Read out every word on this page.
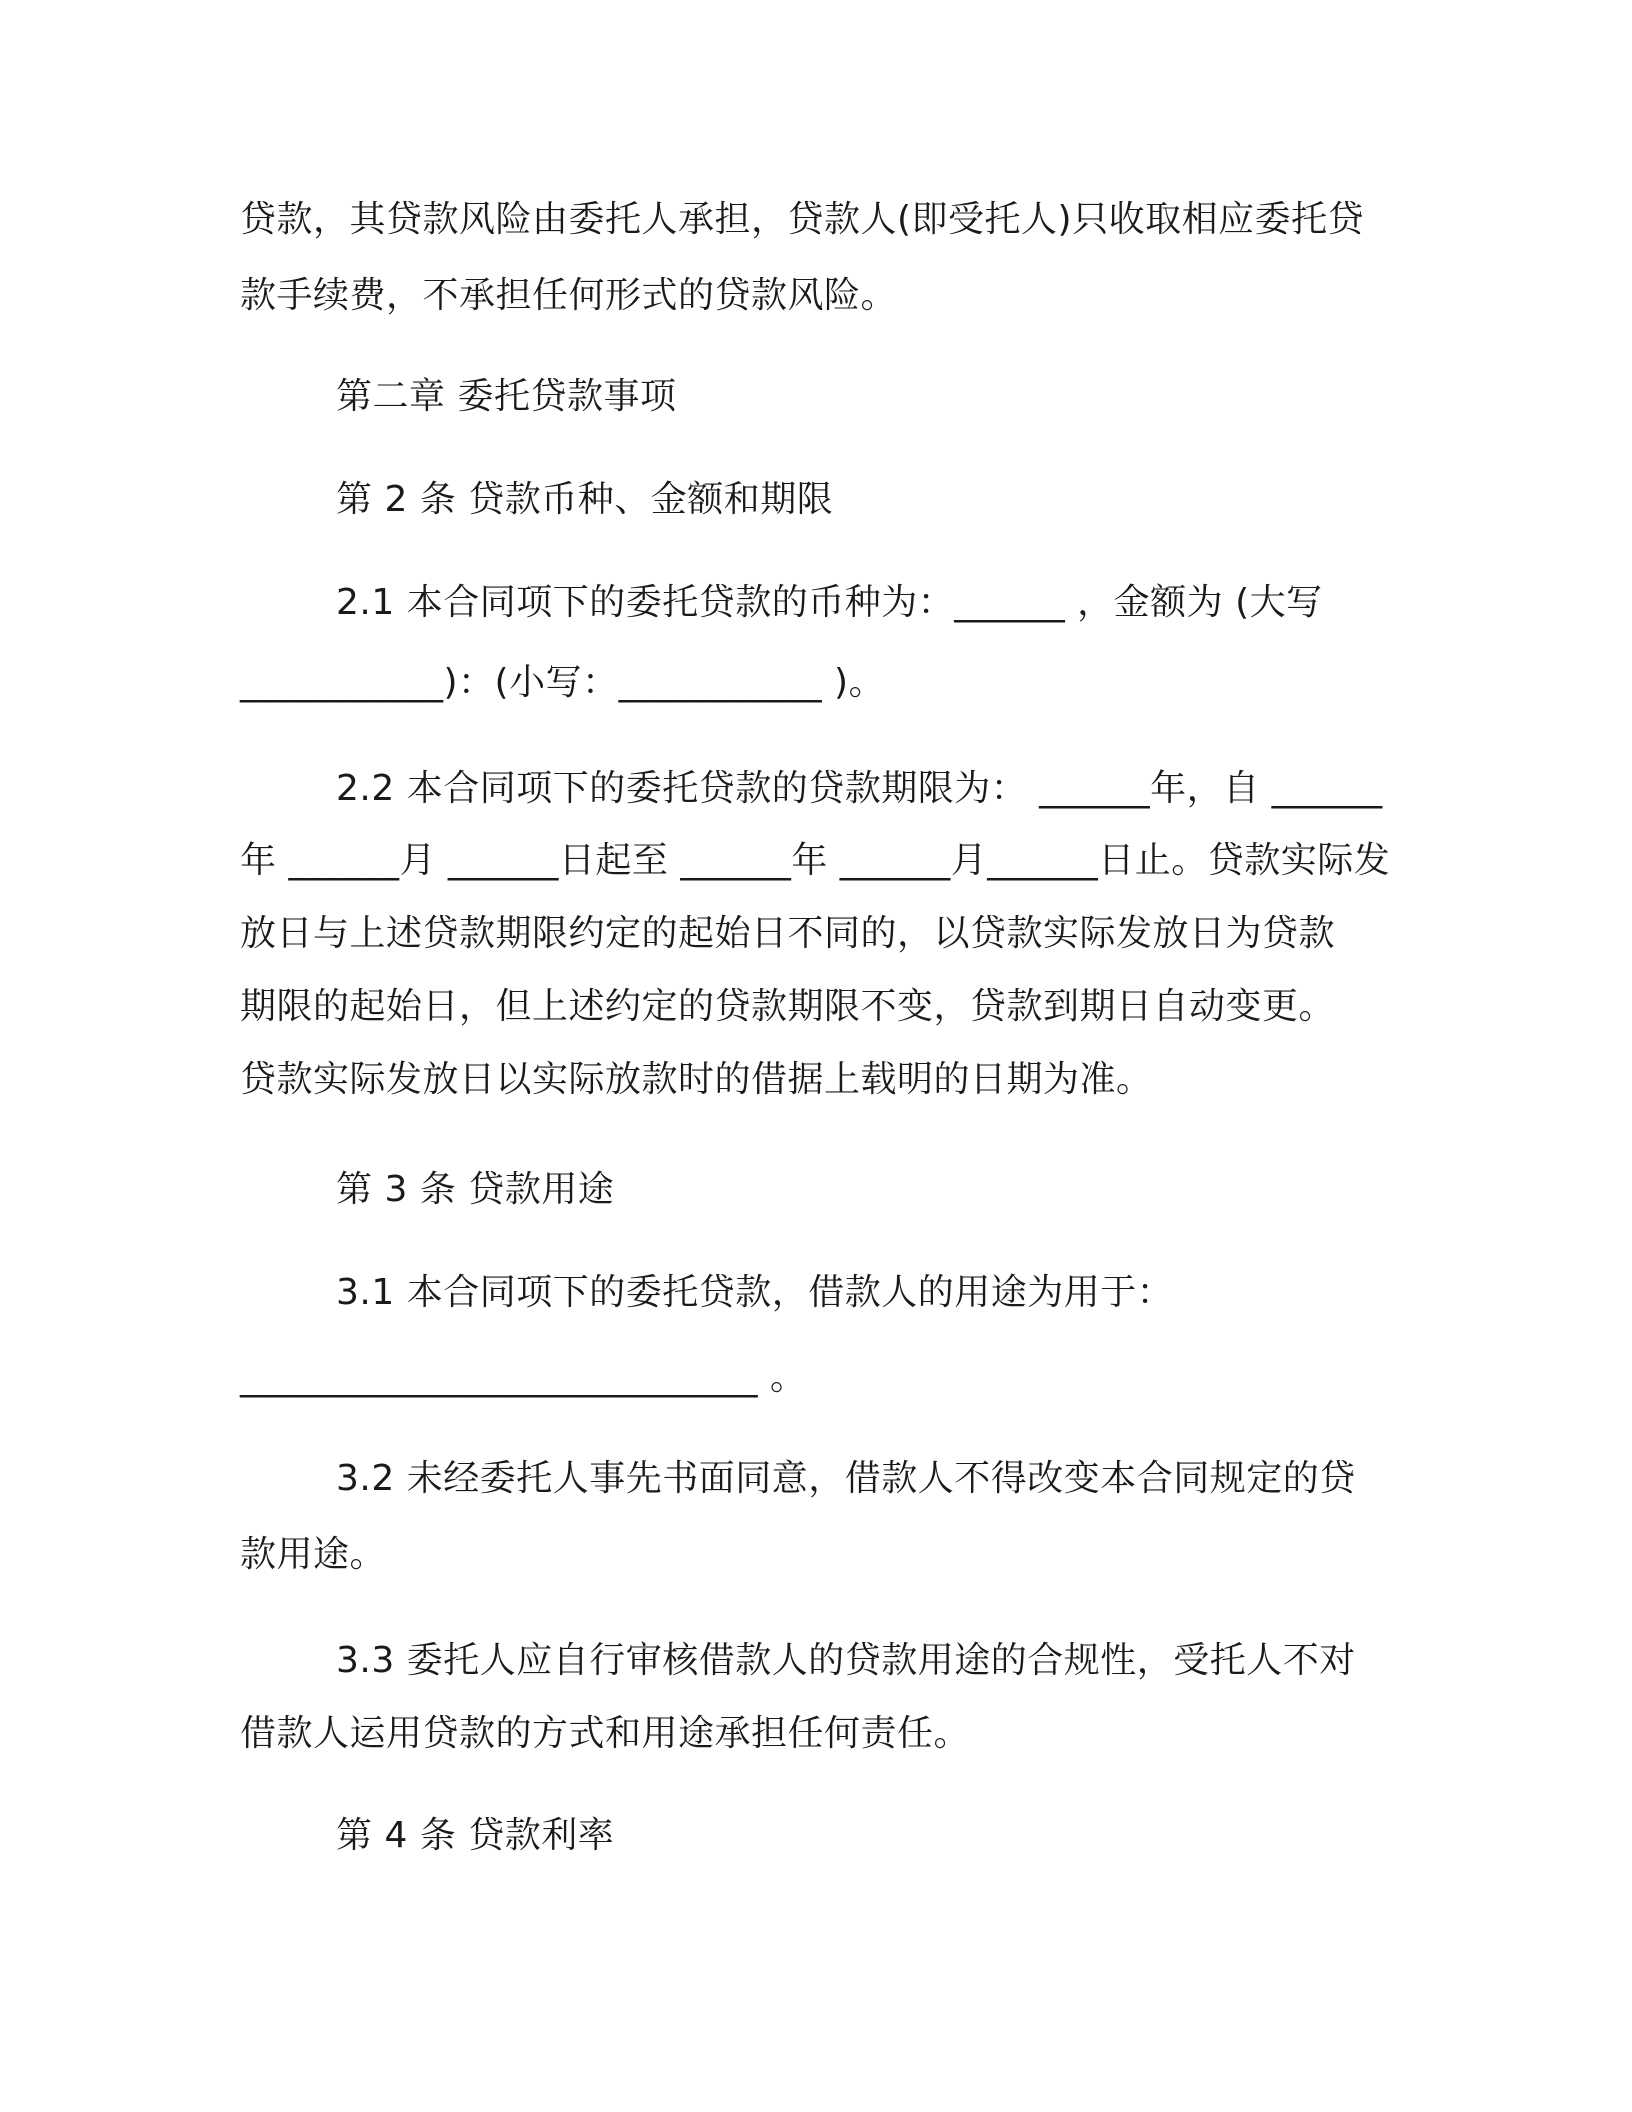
贷款，其贷款风险由委托人承担，贷款人(即受托人)只收取相应委托贷
款手续费，不承担任何形式的贷款风险。
第二章 委托贷款事项
第 2 条 贷款币种、金额和期限
2.1 本合同项下的委托贷款的币种为：______ ，金额为 (大写
___________)：(小写：___________ )。
2.2 本合同项下的委托贷款的贷款期限为： ______年，自 ______
年 ______月 ______日起至 ______年 ______月______日止。贷款实际发
放日与上述贷款期限约定的起始日不同的，以贷款实际发放日为贷款
期限的起始日，但上述约定的贷款期限不变，贷款到期日自动变更。
贷款实际发放日以实际放款时的借据上载明的日期为准。
第 3 条 贷款用途
3.1 本合同项下的委托贷款，借款人的用途为用于：
____________________________ 。
3.2 未经委托人事先书面同意，借款人不得改变本合同规定的贷
款用途。
3.3 委托人应自行审核借款人的贷款用途的合规性，受托人不对
借款人运用贷款的方式和用途承担任何责任。
第 4 条 贷款利率
